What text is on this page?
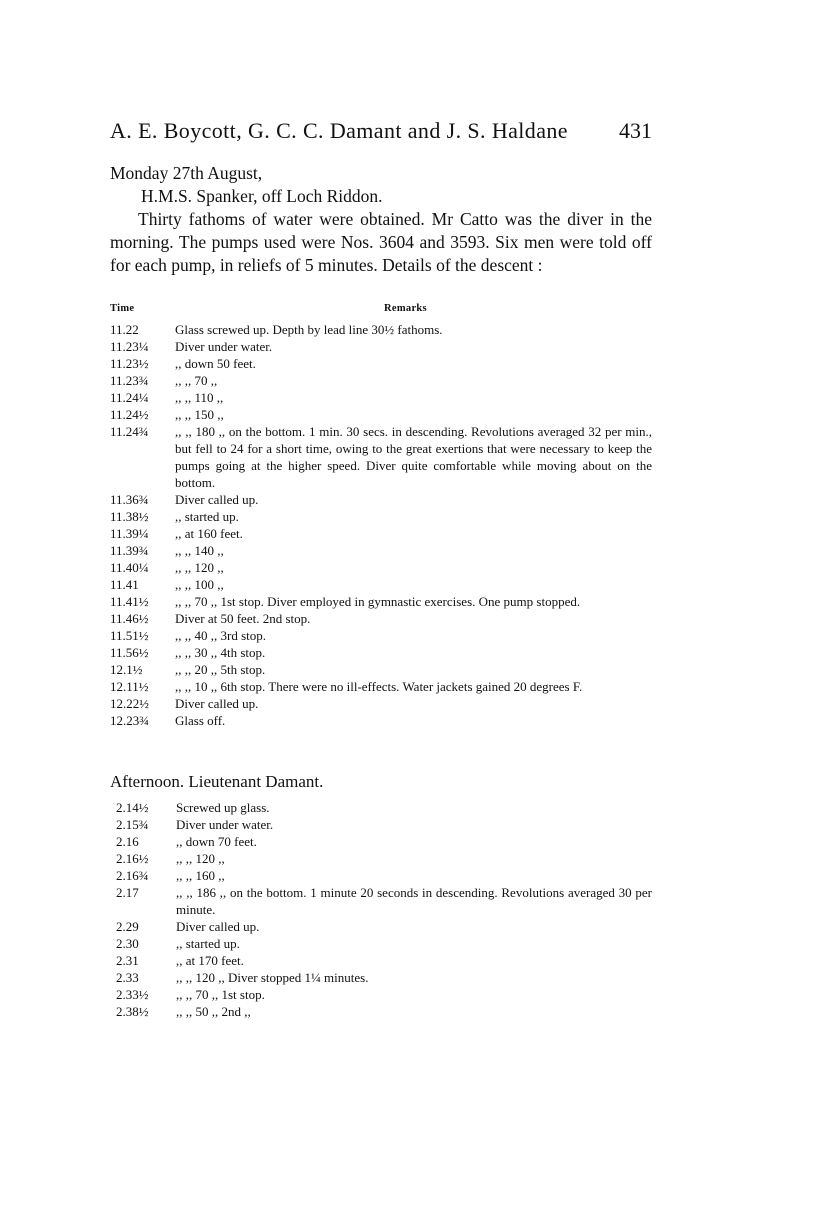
A. E. Boycott, G. C. C. Damant and J. S. Haldane 431
Monday 27th August,
H.M.S. Spanker, off Loch Riddon.
Thirty fathoms of water were obtained. Mr Catto was the diver in the morning. The pumps used were Nos. 3604 and 3593. Six men were told off for each pump, in reliefs of 5 minutes. Details of the descent :
Time	Remarks
11.22	Glass screwed up. Depth by lead line 30½ fathoms.
11.23¼	Diver under water.
11.23½	,, down 50 feet.
11.23¾	,, ,, 70 ,,
11.24¼	,, ,, 110 ,,
11.24½	,, ,, 150 ,,
11.24¾	,, ,, 180 ,, on the bottom. 1 min. 30 secs. in descending. Revolutions averaged 32 per min., but fell to 24 for a short time, owing to the great exertions that were necessary to keep the pumps going at the higher speed. Diver quite comfortable while moving about on the bottom.
11.36¾	Diver called up.
11.38½	,, started up.
11.39¼	,, at 160 feet.
11.39¾	,, ,, 140 ,,
11.40¼	,, ,, 120 ,,
11.41	,, ,, 100 ,,
11.41½	,, ,, 70 ,, 1st stop. Diver employed in gymnastic exercises. One pump stopped.
11.46½	Diver at 50 feet. 2nd stop.
11.51½	,, ,, 40 ,, 3rd stop.
11.56½	,, ,, 30 ,, 4th stop.
12.1½	,, ,, 20 ,, 5th stop.
12.11½	,, ,, 10 ,, 6th stop. There were no ill-effects. Water jackets gained 20 degrees F.
12.22½	Diver called up.
12.23¾	Glass off.
Afternoon. Lieutenant Damant.
2.14½	Screwed up glass.
2.15¾	Diver under water.
2.16	,, down 70 feet.
2.16½	,, ,, 120 ,,
2.16¾	,, ,, 160 ,,
2.17	,, ,, 186 ,, on the bottom. 1 minute 20 seconds in descending. Revolutions averaged 30 per minute.
2.29	Diver called up.
2.30	,, started up.
2.31	,, at 170 feet.
2.33	,, ,, 120 ,, Diver stopped 1¼ minutes.
2.33½	,, ,, 70 ,, 1st stop.
2.38½	,, ,, 50 ,, 2nd ,,
